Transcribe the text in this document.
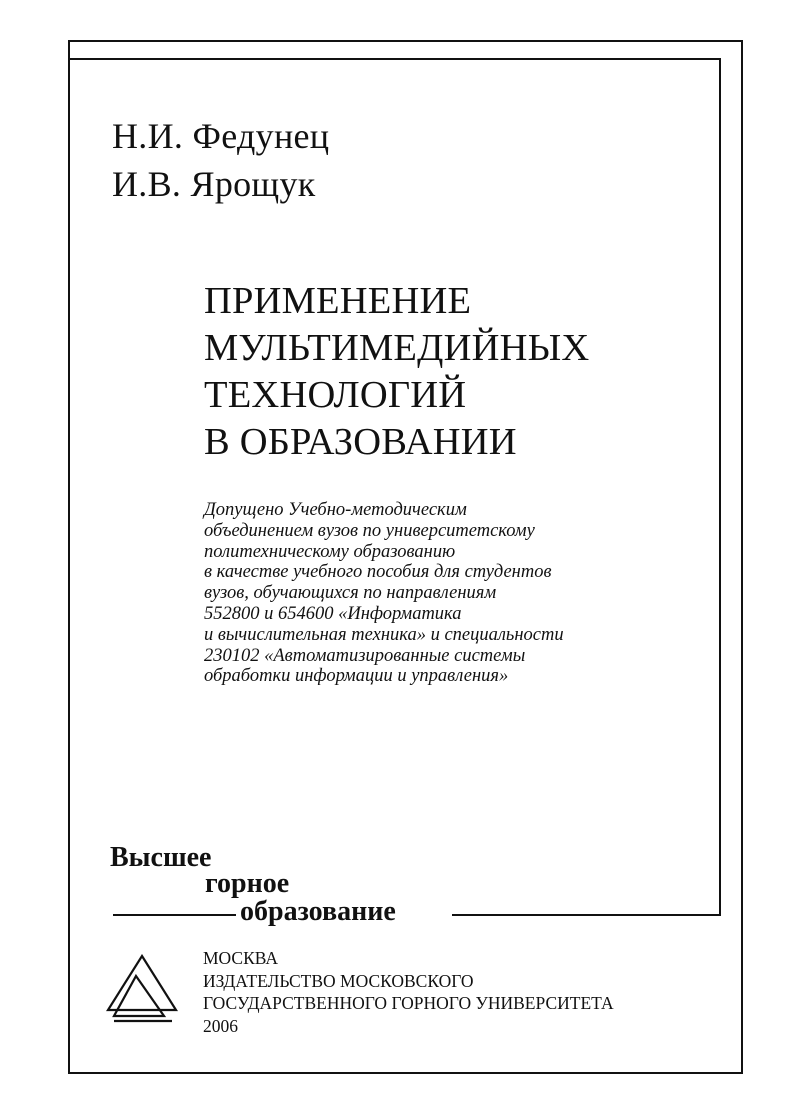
Н.И. Федунец
И.В. Ярощук
ПРИМЕНЕНИЕ
МУЛЬТИМЕДИЙНЫХ
ТЕХНОЛОГИЙ
В ОБРАЗОВАНИИ
Допущено Учебно-методическим
объединением вузов по университетскому
политехническому образованию
в качестве учебного пособия для студентов
вузов, обучающихся по направлениям
552800 и 654600 «Информатика
и вычислительная техника» и специальности
230102 «Автоматизированные системы
обработки информации и управления»
Высшее
горное
образование
МОСКВА
ИЗДАТЕЛЬСТВО МОСКОВСКОГО
ГОСУДАРСТВЕННОГО ГОРНОГО УНИВЕРСИТЕТА
2006
